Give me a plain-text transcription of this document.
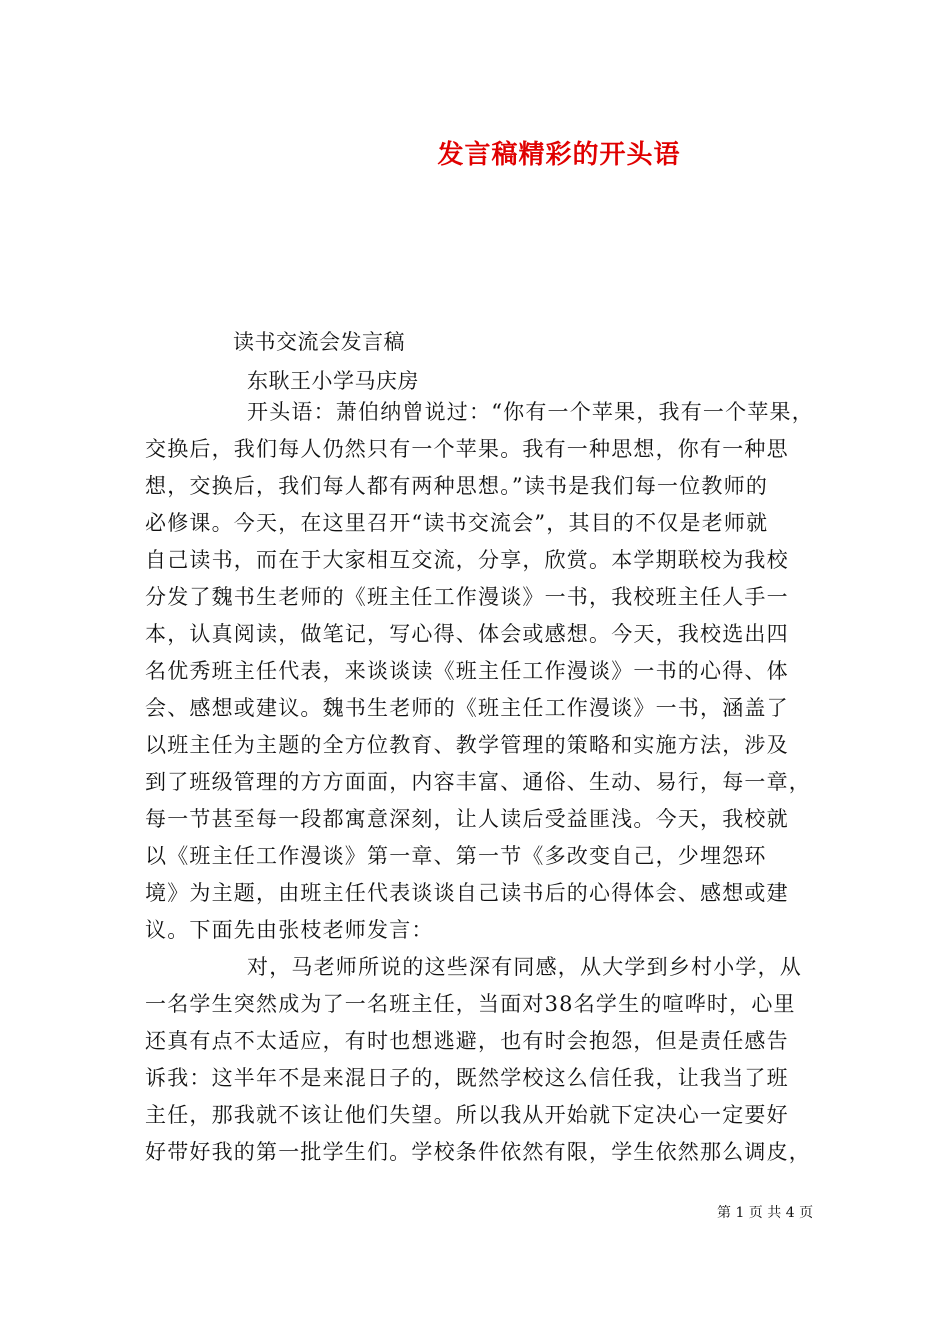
发言稿精彩的开头语
读书交流会发言稿
东耿王小学马庆房
开头语：萧伯纳曾说过：“你有一个苹果，我有一个苹果，
交换后，我们每人仍然只有一个苹果。我有一种思想，你有一种思
想，交换后，我们每人都有两种思想。”读书是我们每一位教师的
必修课。今天，在这里召开“读书交流会”，其目的不仅是老师就
自己读书，而在于大家相互交流，分享，欣赏。本学期联校为我校
分发了魏书生老师的《班主任工作漫谈》一书，我校班主任人手一
本，认真阅读，做笔记，写心得、体会或感想。今天，我校选出四
名优秀班主任代表，来谈谈读《班主任工作漫谈》一书的心得、体
会、感想或建议。魏书生老师的《班主任工作漫谈》一书，涵盖了
以班主任为主题的全方位教育、教学管理的策略和实施方法，涉及
到了班级管理的方方面面，内容丰富、通俗、生动、易行，每一章，
每一节甚至每一段都寓意深刻，让人读后受益匪浅。今天，我校就
以《班主任工作漫谈》第一章、第一节《多改变自己，少埋怨环
境》为主题，由班主任代表谈谈自己读书后的心得体会、感想或建
议。下面先由张枝老师发言：
对，马老师所说的这些深有同感，从大学到乡村小学，从
一名学生突然成为了一名班主任，当面对38名学生的喧哗时，心里
还真有点不太适应，有时也想逃避，也有时会抱怨，但是责任感告
诉我：这半年不是来混日子的，既然学校这么信任我，让我当了班
主任，那我就不该让他们失望。所以我从开始就下定决心一定要好
好带好我的第一批学生们。学校条件依然有限，学生依然那么调皮，
第 1 页 共 4 页
